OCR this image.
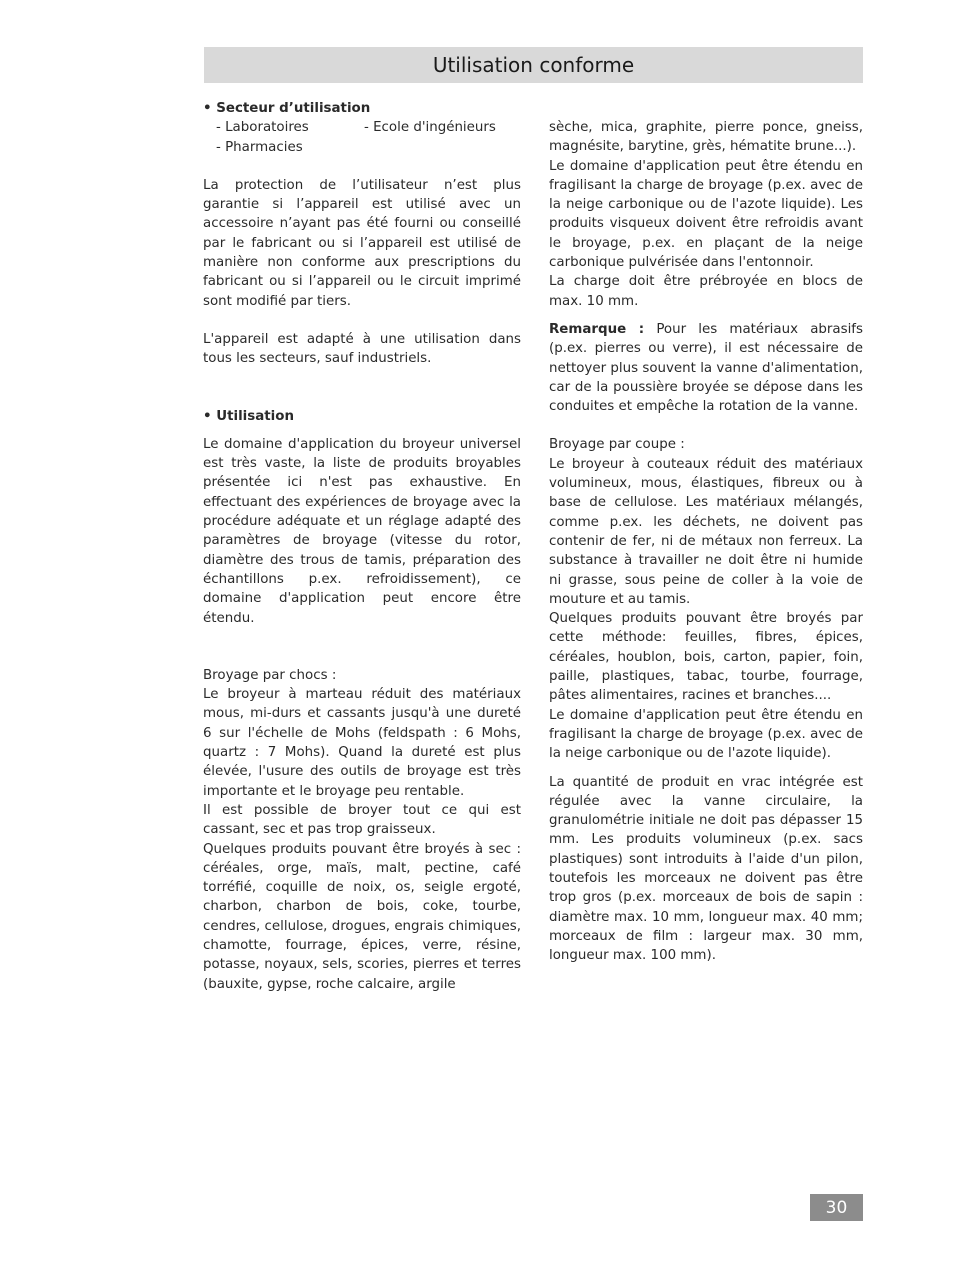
Utilisation conforme

• Secteur d’utilisation

- Laboratoires	- Ecole d'ingénieurs
- Pharmacies

La protection de l’utilisateur n’est plus garantie si l’appareil est utilisé avec un accessoire n’ayant pas été fourni ou conseillé par le fabricant ou si l’appareil est utilisé de manière non conforme aux prescriptions du fabricant ou si l’appareil ou le circuit imprimé sont modifié par tiers.

L'appareil est adapté à une utilisation dans tous les secteurs, sauf industriels.

• Utilisation

Le domaine d'application du broyeur universel est très vaste, la liste de produits broyables présentée ici n'est pas exhaustive. En effectuant des expériences de broyage avec la procédure adéquate et un réglage adapté des paramètres de broyage (vitesse du rotor, diamètre des trous de tamis, préparation des échantillons p.ex. refroidissement), ce domaine d'application peut encore être étendu.

Broyage par chocs :

Le broyeur à marteau réduit des matériaux mous, mi-durs et cassants jusqu'à une dureté 6 sur l'échelle de Mohs (feldspath : 6 Mohs, quartz : 7 Mohs). Quand la dureté est plus élevée, l'usure des outils de broyage est très importante et le broyage peu rentable.

Il est possible de broyer tout ce qui est cassant, sec et pas trop graisseux.

Quelques produits pouvant être broyés à sec : céréales, orge, maïs, malt, pectine, café torréfié, coquille de noix, os, seigle ergoté, charbon, charbon de bois, coke, tourbe, cendres, cellulose, drogues, engrais chimiques, chamotte, fourrage, épices, verre, résine, potasse, noyaux, sels, scories, pierres et terres (bauxite, gypse, roche calcaire, argile

sèche, mica, graphite, pierre ponce, gneiss, magnésite, barytine, grès, hématite brune...).

Le domaine d'application peut être étendu en fragilisant la charge de broyage (p.ex. avec de la neige carbonique ou de l'azote liquide). Les produits visqueux doivent être refroidis avant le broyage, p.ex. en plaçant de la neige carbonique pulvérisée dans l'entonnoir.

La charge doit être prébroyée en blocs de max. 10 mm.

Remarque : Pour les matériaux abrasifs (p.ex. pierres ou verre), il est nécessaire de nettoyer plus souvent la vanne d'alimentation, car de la poussière broyée se dépose dans les conduites et empêche la rotation de la vanne.

Broyage par coupe :

Le broyeur à couteaux réduit des matériaux volumineux, mous, élastiques, fibreux ou à base de cellulose. Les matériaux mélangés, comme p.ex. les déchets, ne doivent pas contenir de fer, ni de métaux non ferreux. La substance à travailler ne doit être ni humide ni grasse, sous peine de coller à la voie de mouture et au tamis.

Quelques produits pouvant être broyés par cette méthode: feuilles, fibres, épices, céréales, houblon, bois, carton, papier, foin, paille, plastiques, tabac, tourbe, fourrage, pâtes alimentaires, racines et branches....

Le domaine d'application peut être étendu en fragilisant la charge de broyage (p.ex. avec de la neige carbonique ou de l'azote liquide).

La quantité de produit en vrac intégrée est régulée avec la vanne circulaire, la granulométrie initiale ne doit pas dépasser 15 mm. Les produits volumineux (p.ex. sacs plastiques) sont introduits à l'aide d'un pilon, toutefois les morceaux ne doivent pas être trop gros (p.ex. morceaux de bois de sapin : diamètre max. 10 mm, longueur max. 40 mm; morceaux de film : largeur max. 30 mm, longueur max. 100 mm).

30
